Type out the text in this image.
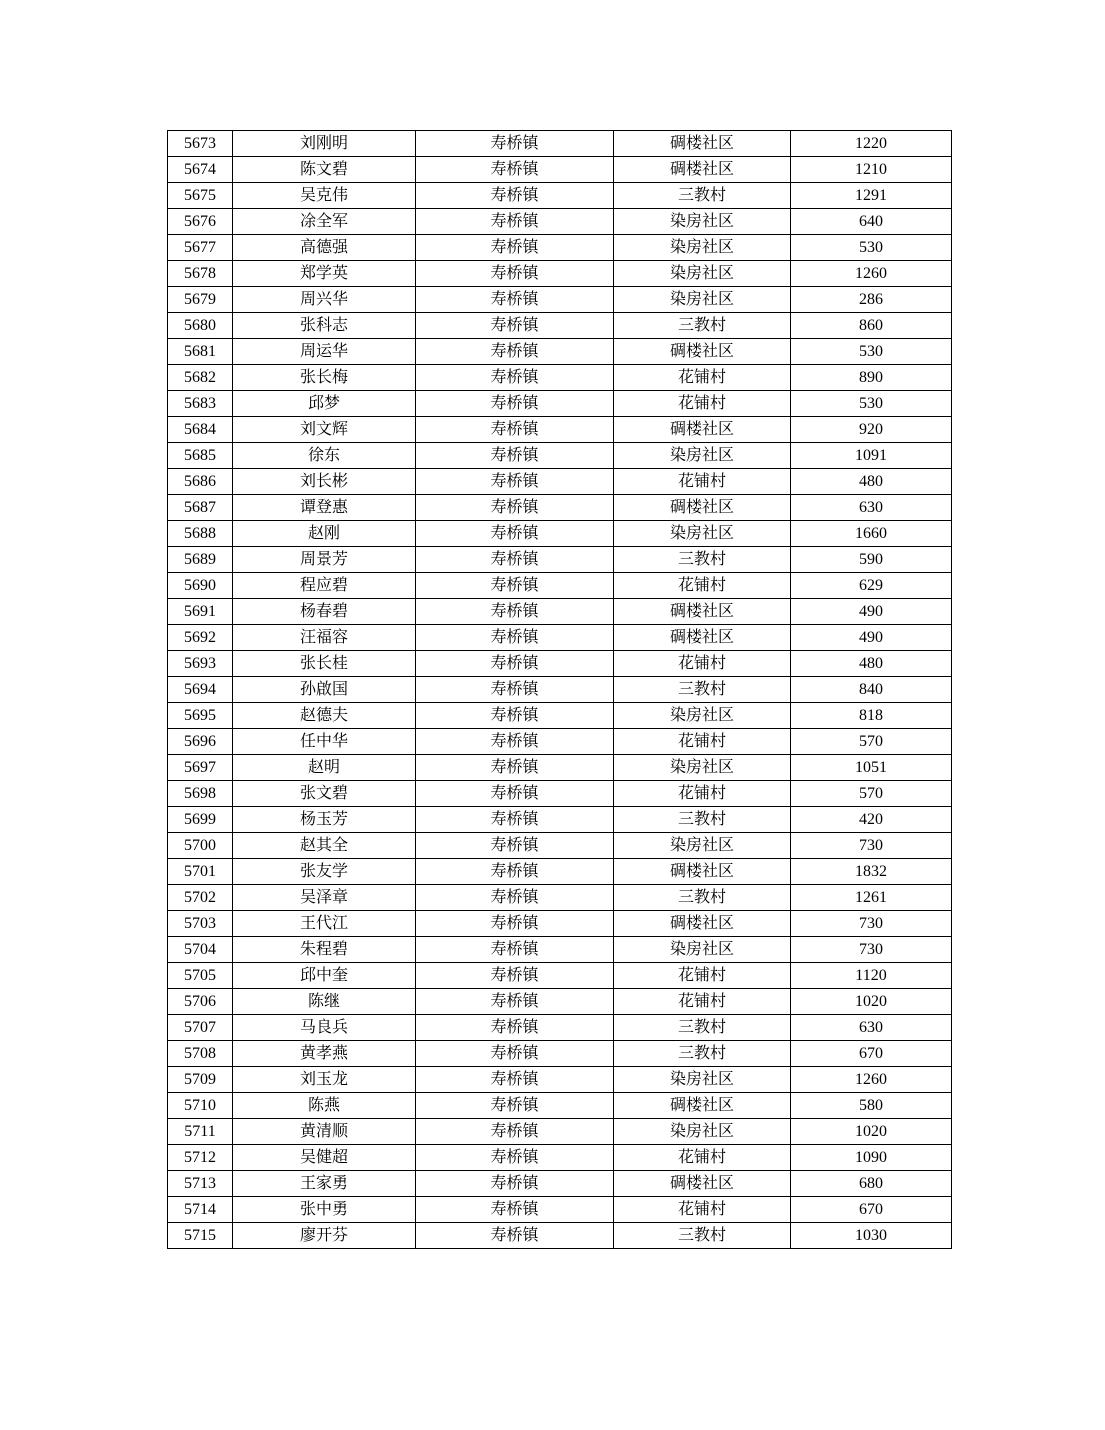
5673	刘刚明	寿桥镇	碉楼社区	1220
5674	陈文碧	寿桥镇	碉楼社区	1210
5675	吴克伟	寿桥镇	三教村	1291
5676	凃全军	寿桥镇	染房社区	640
5677	高德强	寿桥镇	染房社区	530
5678	郑学英	寿桥镇	染房社区	1260
5679	周兴华	寿桥镇	染房社区	286
5680	张科志	寿桥镇	三教村	860
5681	周运华	寿桥镇	碉楼社区	530
5682	张长梅	寿桥镇	花铺村	890
5683	邱梦	寿桥镇	花铺村	530
5684	刘文辉	寿桥镇	碉楼社区	920
5685	徐东	寿桥镇	染房社区	1091
5686	刘长彬	寿桥镇	花铺村	480
5687	谭登惠	寿桥镇	碉楼社区	630
5688	赵刚	寿桥镇	染房社区	1660
5689	周景芳	寿桥镇	三教村	590
5690	程应碧	寿桥镇	花铺村	629
5691	杨春碧	寿桥镇	碉楼社区	490
5692	汪福容	寿桥镇	碉楼社区	490
5693	张长桂	寿桥镇	花铺村	480
5694	孙啟国	寿桥镇	三教村	840
5695	赵德夫	寿桥镇	染房社区	818
5696	任中华	寿桥镇	花铺村	570
5697	赵明	寿桥镇	染房社区	1051
5698	张文碧	寿桥镇	花铺村	570
5699	杨玉芳	寿桥镇	三教村	420
5700	赵其全	寿桥镇	染房社区	730
5701	张友学	寿桥镇	碉楼社区	1832
5702	吴泽章	寿桥镇	三教村	1261
5703	王代江	寿桥镇	碉楼社区	730
5704	朱程碧	寿桥镇	染房社区	730
5705	邱中奎	寿桥镇	花铺村	1120
5706	陈继	寿桥镇	花铺村	1020
5707	马良兵	寿桥镇	三教村	630
5708	黄孝燕	寿桥镇	三教村	670
5709	刘玉龙	寿桥镇	染房社区	1260
5710	陈燕	寿桥镇	碉楼社区	580
5711	黄清顺	寿桥镇	染房社区	1020
5712	吴健超	寿桥镇	花铺村	1090
5713	王家勇	寿桥镇	碉楼社区	680
5714	张中勇	寿桥镇	花铺村	670
5715	廖开芬	寿桥镇	三教村	1030
